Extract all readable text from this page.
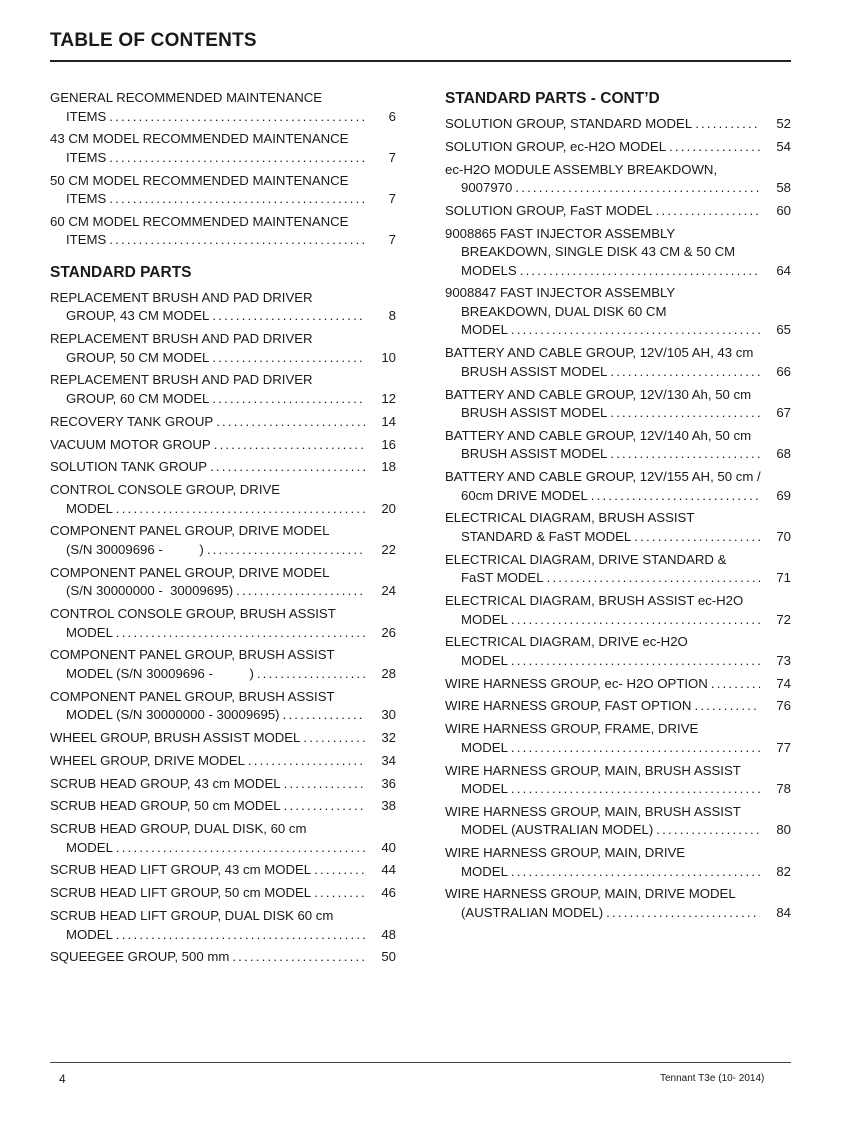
TABLE OF CONTENTS
GENERAL RECOMMENDED MAINTENANCE
ITEMS .....	6
43 CM MODEL RECOMMENDED MAINTENANCE
ITEMS .....	7
50 CM MODEL RECOMMENDED MAINTENANCE
ITEMS .....	7
60 CM MODEL RECOMMENDED MAINTENANCE
ITEMS .....	7
STANDARD PARTS
REPLACEMENT BRUSH AND PAD DRIVER
GROUP, 43 CM MODEL .....	8
REPLACEMENT BRUSH AND PAD DRIVER
GROUP, 50 CM MODEL .....	10
REPLACEMENT BRUSH AND PAD DRIVER
GROUP, 60 CM MODEL .....	12
RECOVERY TANK GROUP .....	14
VACUUM MOTOR GROUP .....	16
SOLUTION TANK GROUP .....	18
CONTROL CONSOLE GROUP, DRIVE
MODEL .....	20
COMPONENT PANEL GROUP, DRIVE MODEL
(S/N 30009696 -          ) .....	22
COMPONENT PANEL GROUP, DRIVE MODEL
(S/N 30000000 -  30009695) .....	24
CONTROL CONSOLE GROUP, BRUSH ASSIST
MODEL .....	26
COMPONENT PANEL GROUP, BRUSH ASSIST
MODEL (S/N 30009696 -          ) .....	28
COMPONENT PANEL GROUP, BRUSH ASSIST
MODEL (S/N 30000000 - 30009695) .....	30
WHEEL GROUP, BRUSH ASSIST MODEL .....	32
WHEEL GROUP, DRIVE MODEL .....	34
SCRUB HEAD GROUP, 43 cm MODEL .....	36
SCRUB HEAD GROUP, 50 cm MODEL .....	38
SCRUB HEAD GROUP, DUAL DISK, 60 cm
MODEL .....	40
SCRUB HEAD LIFT GROUP, 43 cm MODEL .....	44
SCRUB HEAD LIFT GROUP, 50 cm MODEL .....	46
SCRUB HEAD LIFT GROUP, DUAL DISK 60 cm
MODEL .....	48
SQUEEGEE GROUP, 500 mm .....	50
STANDARD PARTS - CONT’D
SOLUTION GROUP, STANDARD MODEL .....	52
SOLUTION GROUP, ec-H2O MODEL .....	54
ec-H2O MODULE ASSEMBLY BREAKDOWN,
9007970 .....	58
SOLUTION GROUP, FaST MODEL .....	60
9008865 FAST INJECTOR ASSEMBLY
BREAKDOWN, SINGLE DISK 43 CM & 50 CM
MODELS .....	64
9008847 FAST INJECTOR ASSEMBLY
BREAKDOWN, DUAL DISK 60 CM
MODEL .....	65
BATTERY AND CABLE GROUP, 12V/105 AH, 43 cm
BRUSH ASSIST MODEL .....	66
BATTERY AND CABLE GROUP, 12V/130 Ah, 50 cm
BRUSH ASSIST MODEL .....	67
BATTERY AND CABLE GROUP, 12V/140 Ah, 50 cm
BRUSH ASSIST MODEL .....	68
BATTERY AND CABLE GROUP, 12V/155 AH, 50 cm /
60cm DRIVE MODEL .....	69
ELECTRICAL DIAGRAM, BRUSH ASSIST
STANDARD & FaST MODEL .....	70
ELECTRICAL DIAGRAM, DRIVE STANDARD &
FaST MODEL .....	71
ELECTRICAL DIAGRAM, BRUSH ASSIST ec-H2O
MODEL .....	72
ELECTRICAL DIAGRAM, DRIVE ec-H2O
MODEL .....	73
WIRE HARNESS GROUP, ec- H2O OPTION .....	74
WIRE HARNESS GROUP, FAST OPTION .....	76
WIRE HARNESS GROUP, FRAME, DRIVE
MODEL .....	77
WIRE HARNESS GROUP, MAIN, BRUSH ASSIST
MODEL .....	78
WIRE HARNESS GROUP, MAIN, BRUSH ASSIST
MODEL (AUSTRALIAN MODEL) .....	80
WIRE HARNESS GROUP, MAIN, DRIVE
MODEL .....	82
WIRE HARNESS GROUP, MAIN, DRIVE MODEL
(AUSTRALIAN MODEL) .....	84
4	Tennant T3e (10- 2014)
